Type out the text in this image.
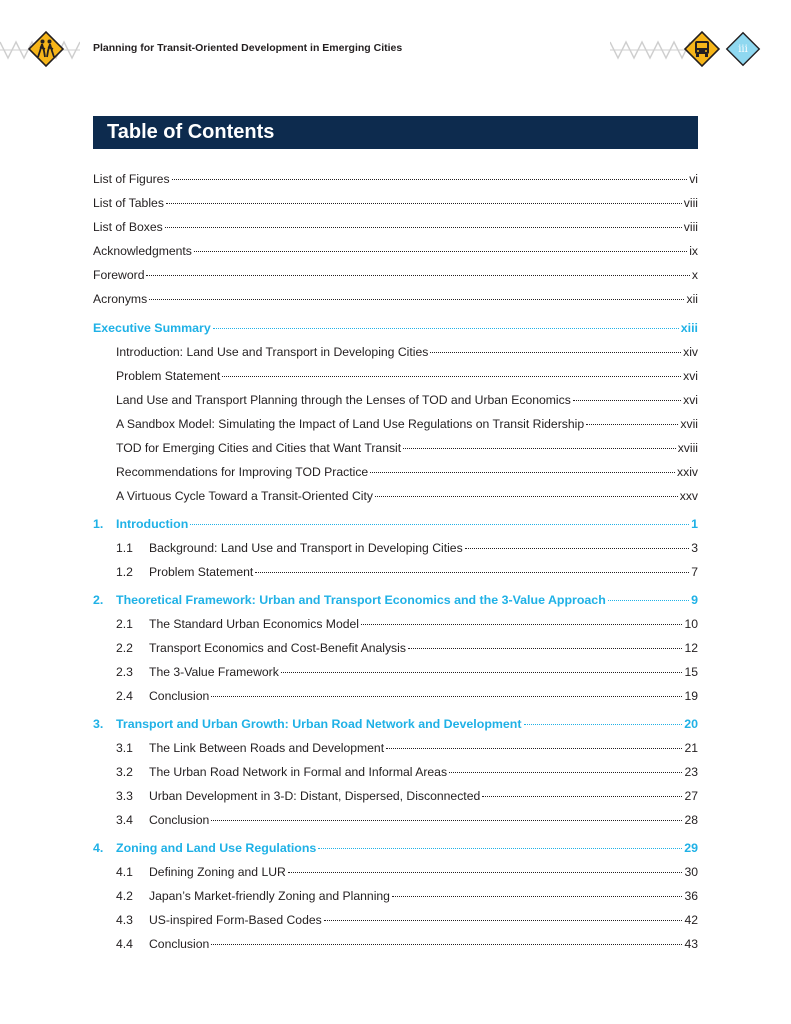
Planning for Transit-Oriented Development in Emerging Cities	iii
Table of Contents
List of Figures	vi
List of Tables	viii
List of Boxes	viii
Acknowledgments	ix
Foreword	x
Acronyms	xii
Executive Summary	xiii
Introduction: Land Use and Transport in Developing Cities	xiv
Problem Statement	xvi
Land Use and Transport Planning through the Lenses of TOD and Urban Economics	xvi
A Sandbox Model: Simulating the Impact of Land Use Regulations on Transit Ridership	xvii
TOD for Emerging Cities and Cities that Want Transit	xviii
Recommendations for Improving TOD Practice	xxiv
A Virtuous Cycle Toward a Transit-Oriented City	xxv
1.	Introduction	1
1.1	Background: Land Use and Transport in Developing Cities	3
1.2	Problem Statement	7
2.	Theoretical Framework: Urban and Transport Economics and the 3-Value Approach	9
2.1	The Standard Urban Economics Model	10
2.2	Transport Economics and Cost-Benefit Analysis	12
2.3	The 3-Value Framework	15
2.4	Conclusion	19
3.	Transport and Urban Growth: Urban Road Network and Development	20
3.1	The Link Between Roads and Development	21
3.2	The Urban Road Network in Formal and Informal Areas	23
3.3	Urban Development in 3-D: Distant, Dispersed, Disconnected	27
3.4	Conclusion	28
4.	Zoning and Land Use Regulations	29
4.1	Defining Zoning and LUR	30
4.2	Japan’s Market-friendly Zoning and Planning	36
4.3	US-inspired Form-Based Codes	42
4.4	Conclusion	43
